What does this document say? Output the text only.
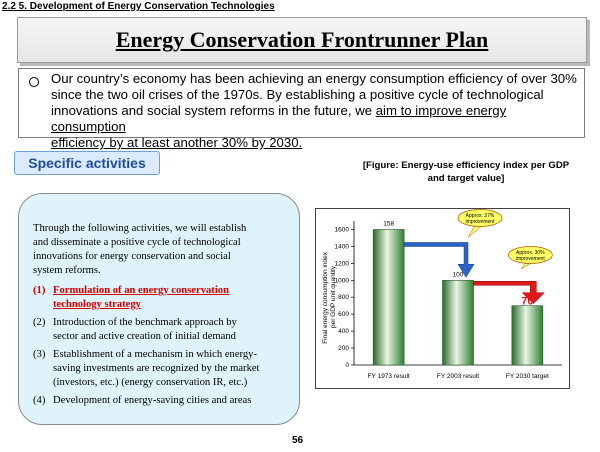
2.2 5. Development of Energy Conservation Technologies
Energy Conservation Frontrunner Plan
Our country’s economy has been achieving an energy consumption efficiency of over 30%
since the two oil crises of the 1970s. By establishing a positive cycle of technological
innovations and social system reforms in the future, we aim to improve energy consumption
efficiency by at least another 30% by 2030.
Specific activities
Through the following activities, we will establish
and disseminate a positive cycle of technological
innovations for energy conservation and social
system reforms.
(1) Formulation of an energy conservation
technology strategy
(2) Introduction of the benchmark approach by
sector and active creation of initial demand
(3) Establishment of a mechanism in which energy-
saving investments are recognized by the market
(investors, etc.) (energy conservation IR, etc.)
(4) Development of energy-saving cities and areas
[Figure: Energy-use efficiency index per GDP
and target value]
Final energy consumption index per GDP unit quantity
0
200
400
600
800
1000
1200
1400
1600
FY 1973 result
158
FY 2003 result
100
FY 2030 target
70
Approx. 37%
improvement
Approx. 30%
improvement
56
